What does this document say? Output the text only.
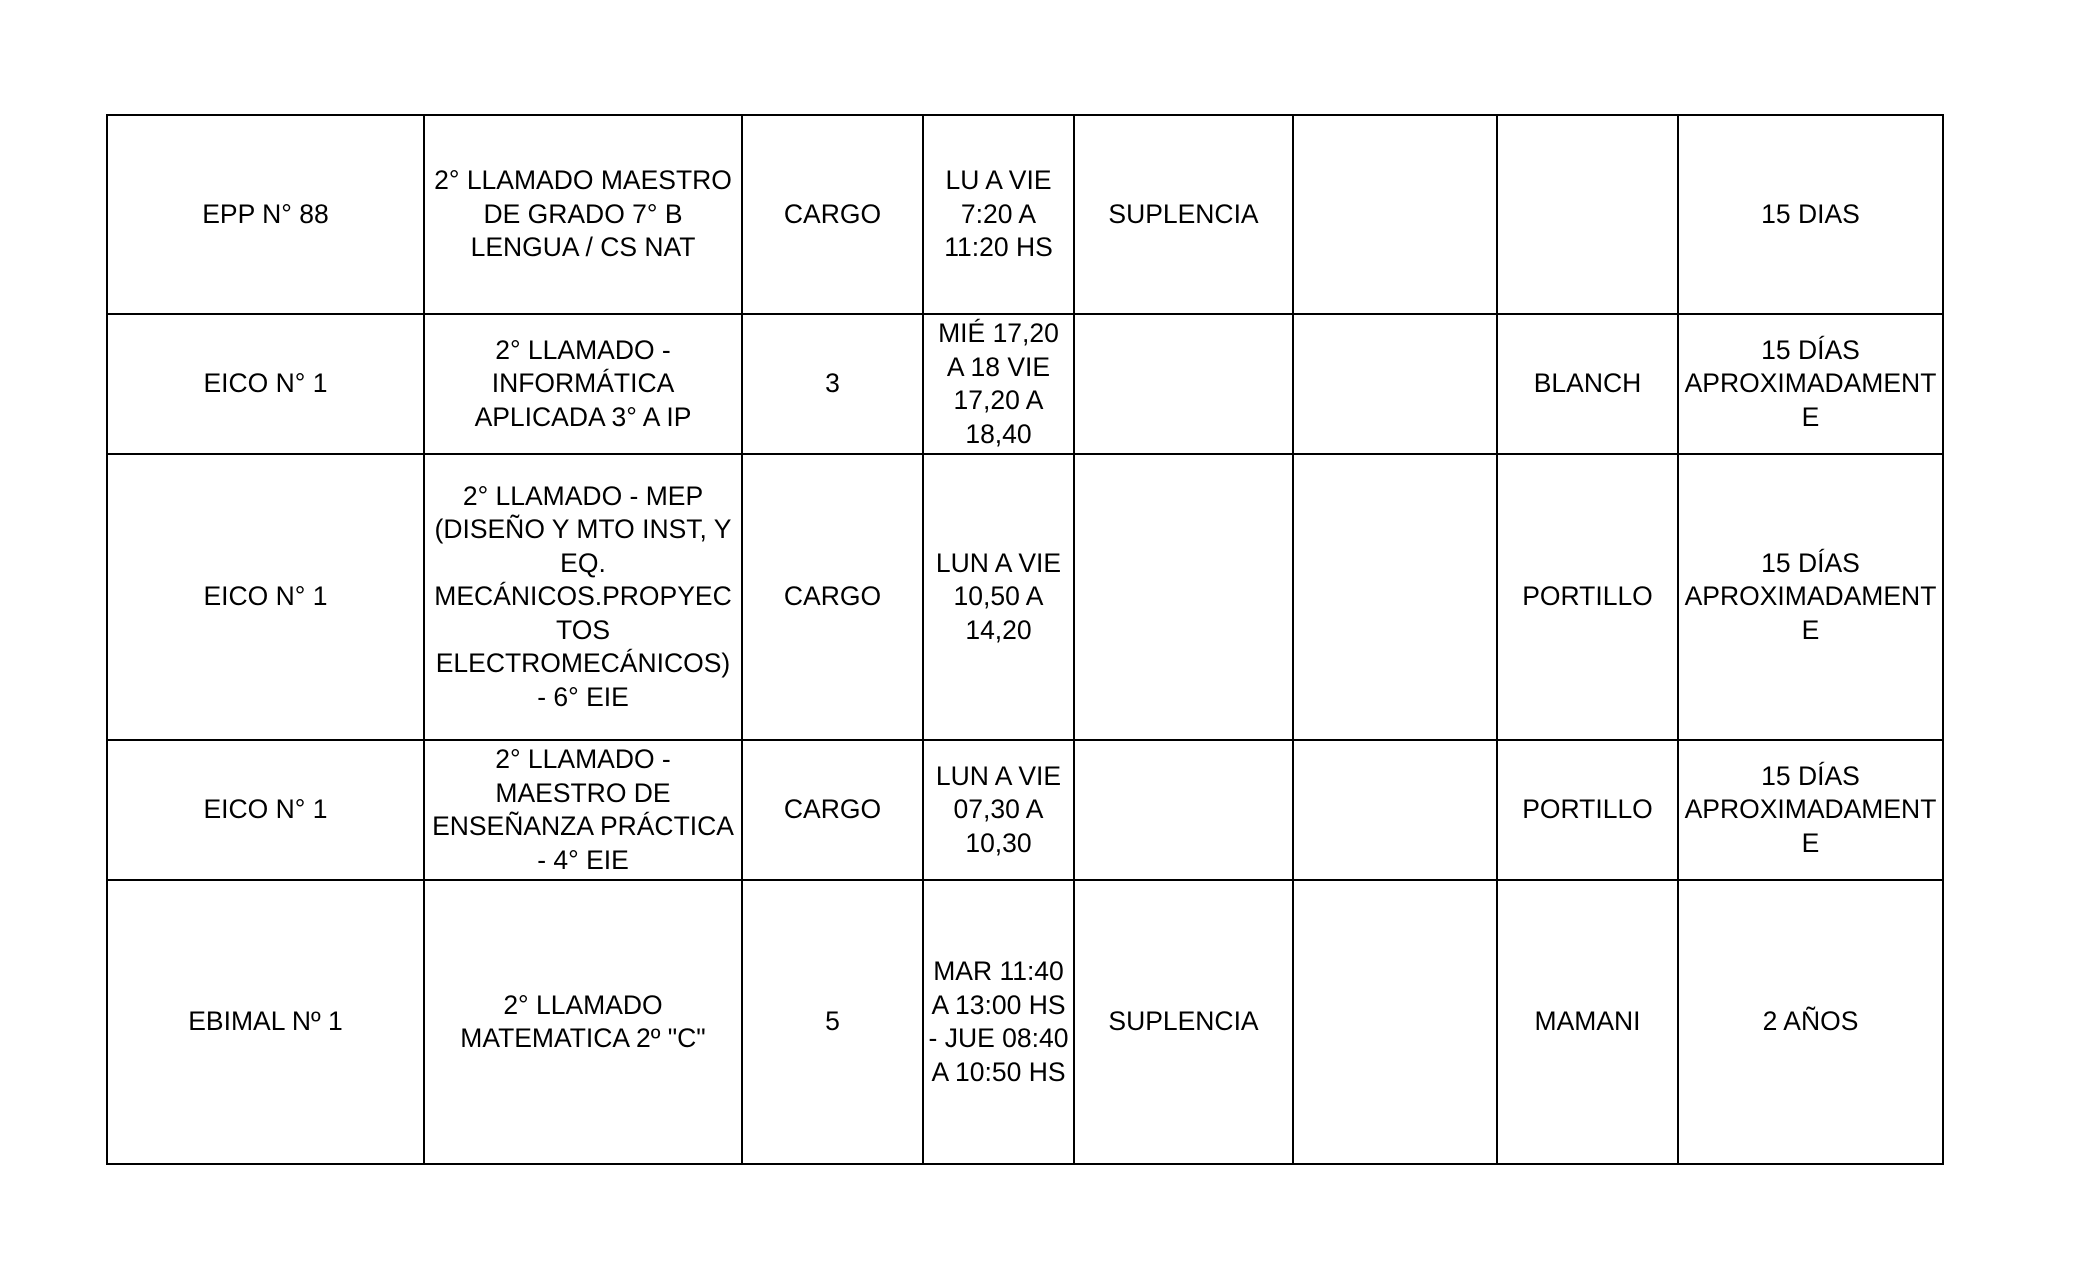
EPP N° 88	2° LLAMADO MAESTRO DE GRADO 7° B LENGUA / CS NAT	CARGO	LU A VIE 7:20 A 11:20 HS	SUPLENCIA			15 DIAS
EICO N° 1	2° LLAMADO - INFORMÁTICA APLICADA 3° A IP	3	MIÉ 17,20 A 18 VIE 17,20 A 18,40			BLANCH	15 DÍAS APROXIMADAMENTE
EICO N° 1	2° LLAMADO - MEP (DISEÑO Y MTO INST, Y EQ. MECÁNICOS.PROPYECTOS ELECTROMECÁNICOS) - 6° EIE	CARGO	LUN A VIE 10,50 A 14,20			PORTILLO	15 DÍAS APROXIMADAMENTE
EICO N° 1	2° LLAMADO - MAESTRO DE ENSEÑANZA PRÁCTICA - 4° EIE	CARGO	LUN A VIE 07,30 A 10,30			PORTILLO	15 DÍAS APROXIMADAMENTE
EBIMAL Nº 1	2° LLAMADO MATEMATICA 2º "C"	5	MAR 11:40 A 13:00 HS - JUE 08:40 A 10:50 HS	SUPLENCIA		MAMANI	2 AÑOS
